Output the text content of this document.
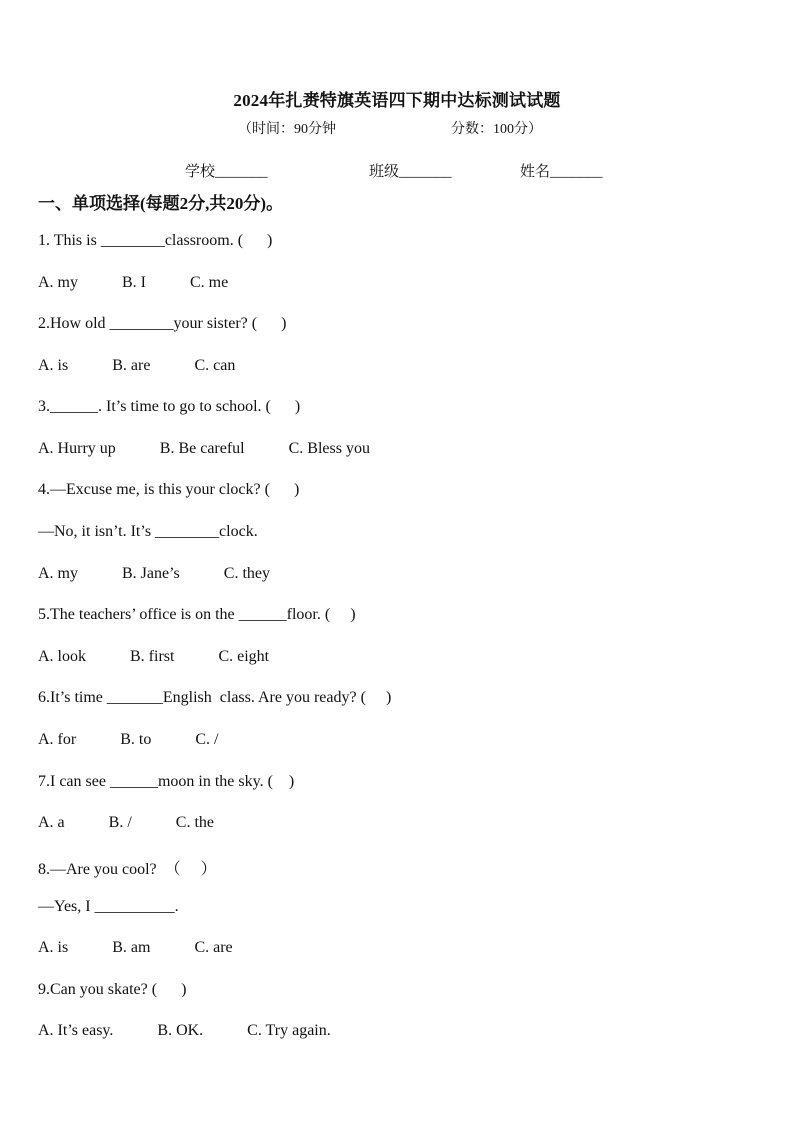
2024年扎赉特旗英语四下期中达标测试试题
（时间：90分钟	分数：100分）
学校_______	班级_______	姓名_______
一、单项选择(每题2分,共20分)。
1. This is ________classroom. (      )
A. my	B. I	C. me
2.How old ________your sister? (      )
A. is	B. are	C. can
3.______. It’s time to go to school. (      )
A. Hurry up	B. Be careful	C. Bless you
4.—Excuse me, is this your clock? (      )
—No, it isn’t. It’s ________clock.
A. my	B. Jane’s	C. they
5.The teachers’ office is on the ______floor. (     )
A. look	B. first	C. eight
6.It’s time _______English  class. Are you ready? (     )
A. for	B. to	C. /
7.I can see ______moon in the sky. (    )
A. a	B. /	C. the
8.—Are you cool?  （     ）
—Yes, I __________.
A. is	B. am	C. are
9.Can you skate? (      )
A. It’s easy.	B. OK.	C. Try again.
